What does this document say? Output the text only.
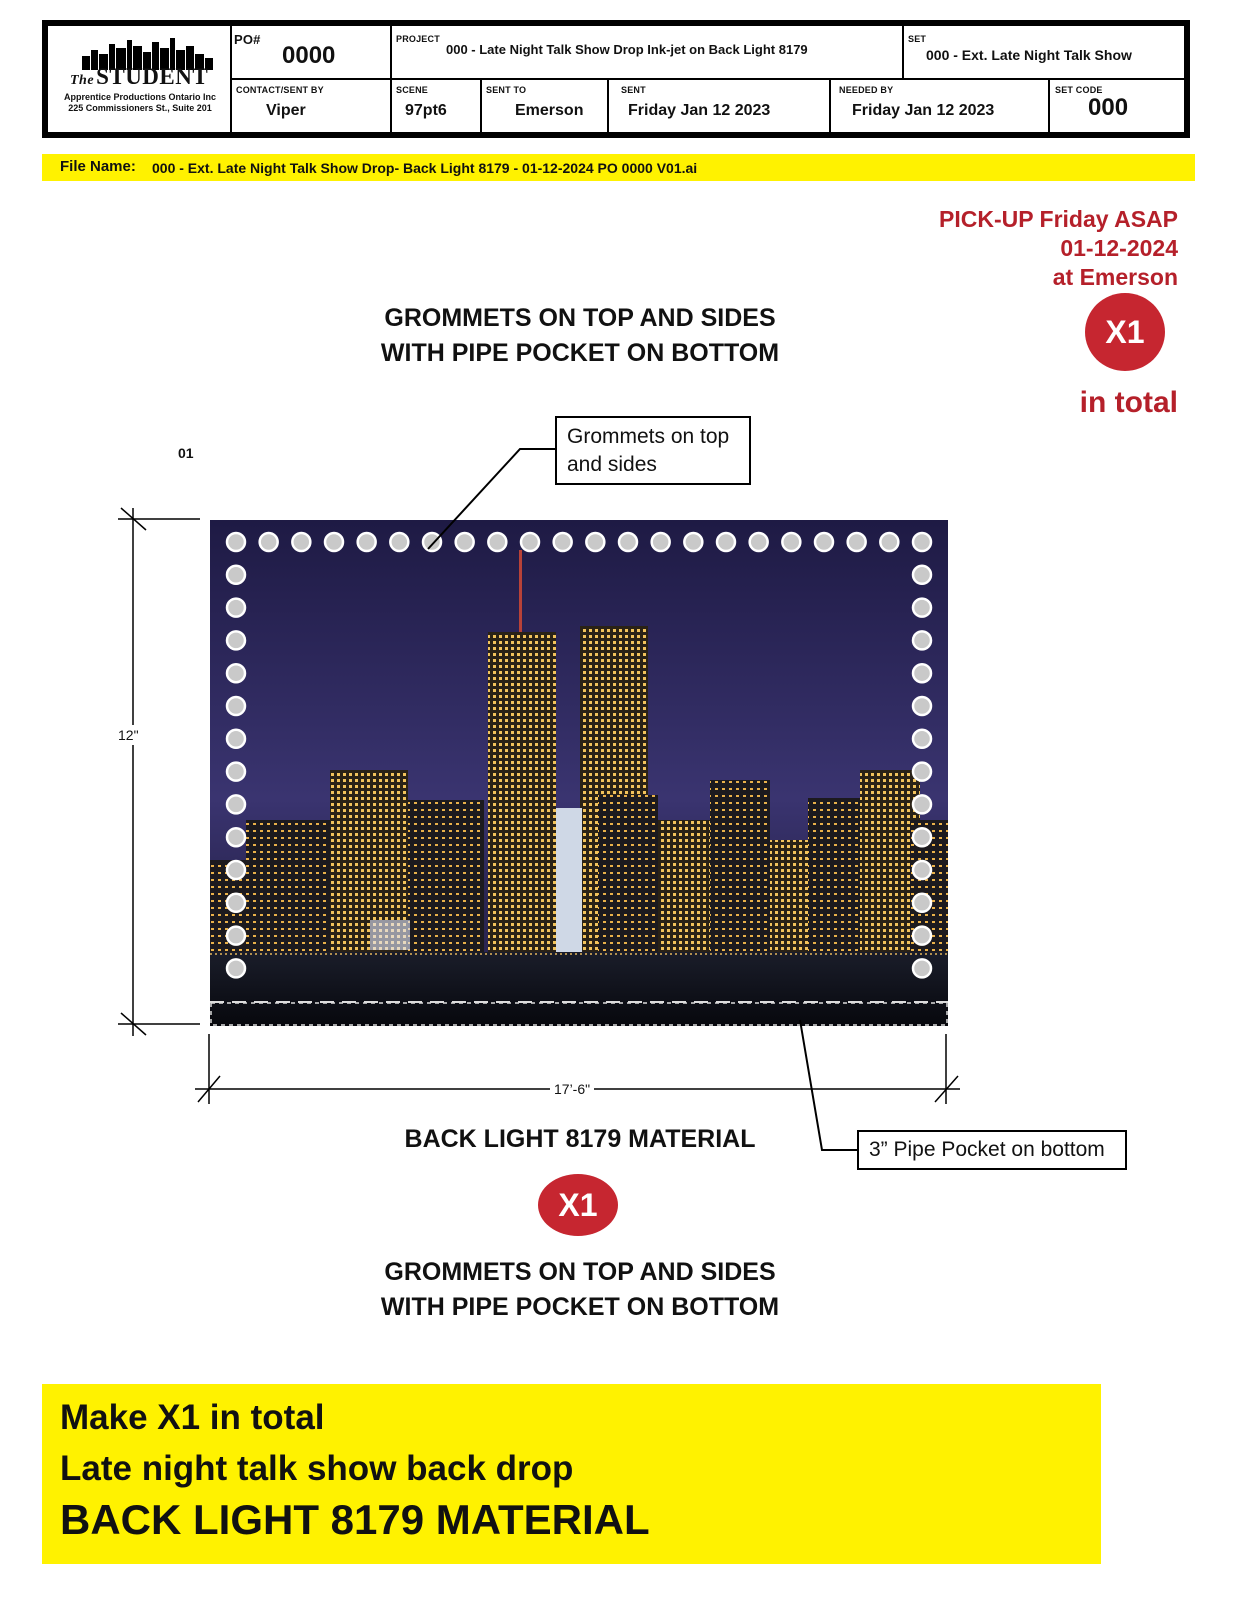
TheSTUDENT
Apprentice Productions Ontario Inc
225 Commissioners St., Suite 201
PO#
0000
PROJECT
000 - Late Night Talk Show Drop Ink-jet on Back Light 8179
SET
000 - Ext. Late Night Talk Show
CONTACT/SENT BY
Viper
SCENE
97pt6
SENT TO
Emerson
SENT
Friday Jan 12 2023
NEEDED BY
Friday Jan 12 2023
SET CODE
000
File Name: 000 - Ext. Late Night Talk Show Drop- Back Light 8179 - 01-12-2024 PO 0000 V01.ai
PICK-UP Friday ASAP
01-12-2024
at Emerson
X1
in total
GROMMETS ON TOP AND SIDES
WITH PIPE POCKET ON BOTTOM
01
Grommets on top and sides
12"
17’-6"
3” Pipe Pocket on bottom
BACK LIGHT 8179 MATERIAL
X1
GROMMETS ON TOP AND SIDES
WITH PIPE POCKET ON BOTTOM
Make X1 in total
Late night talk show back drop
BACK LIGHT 8179 MATERIAL
